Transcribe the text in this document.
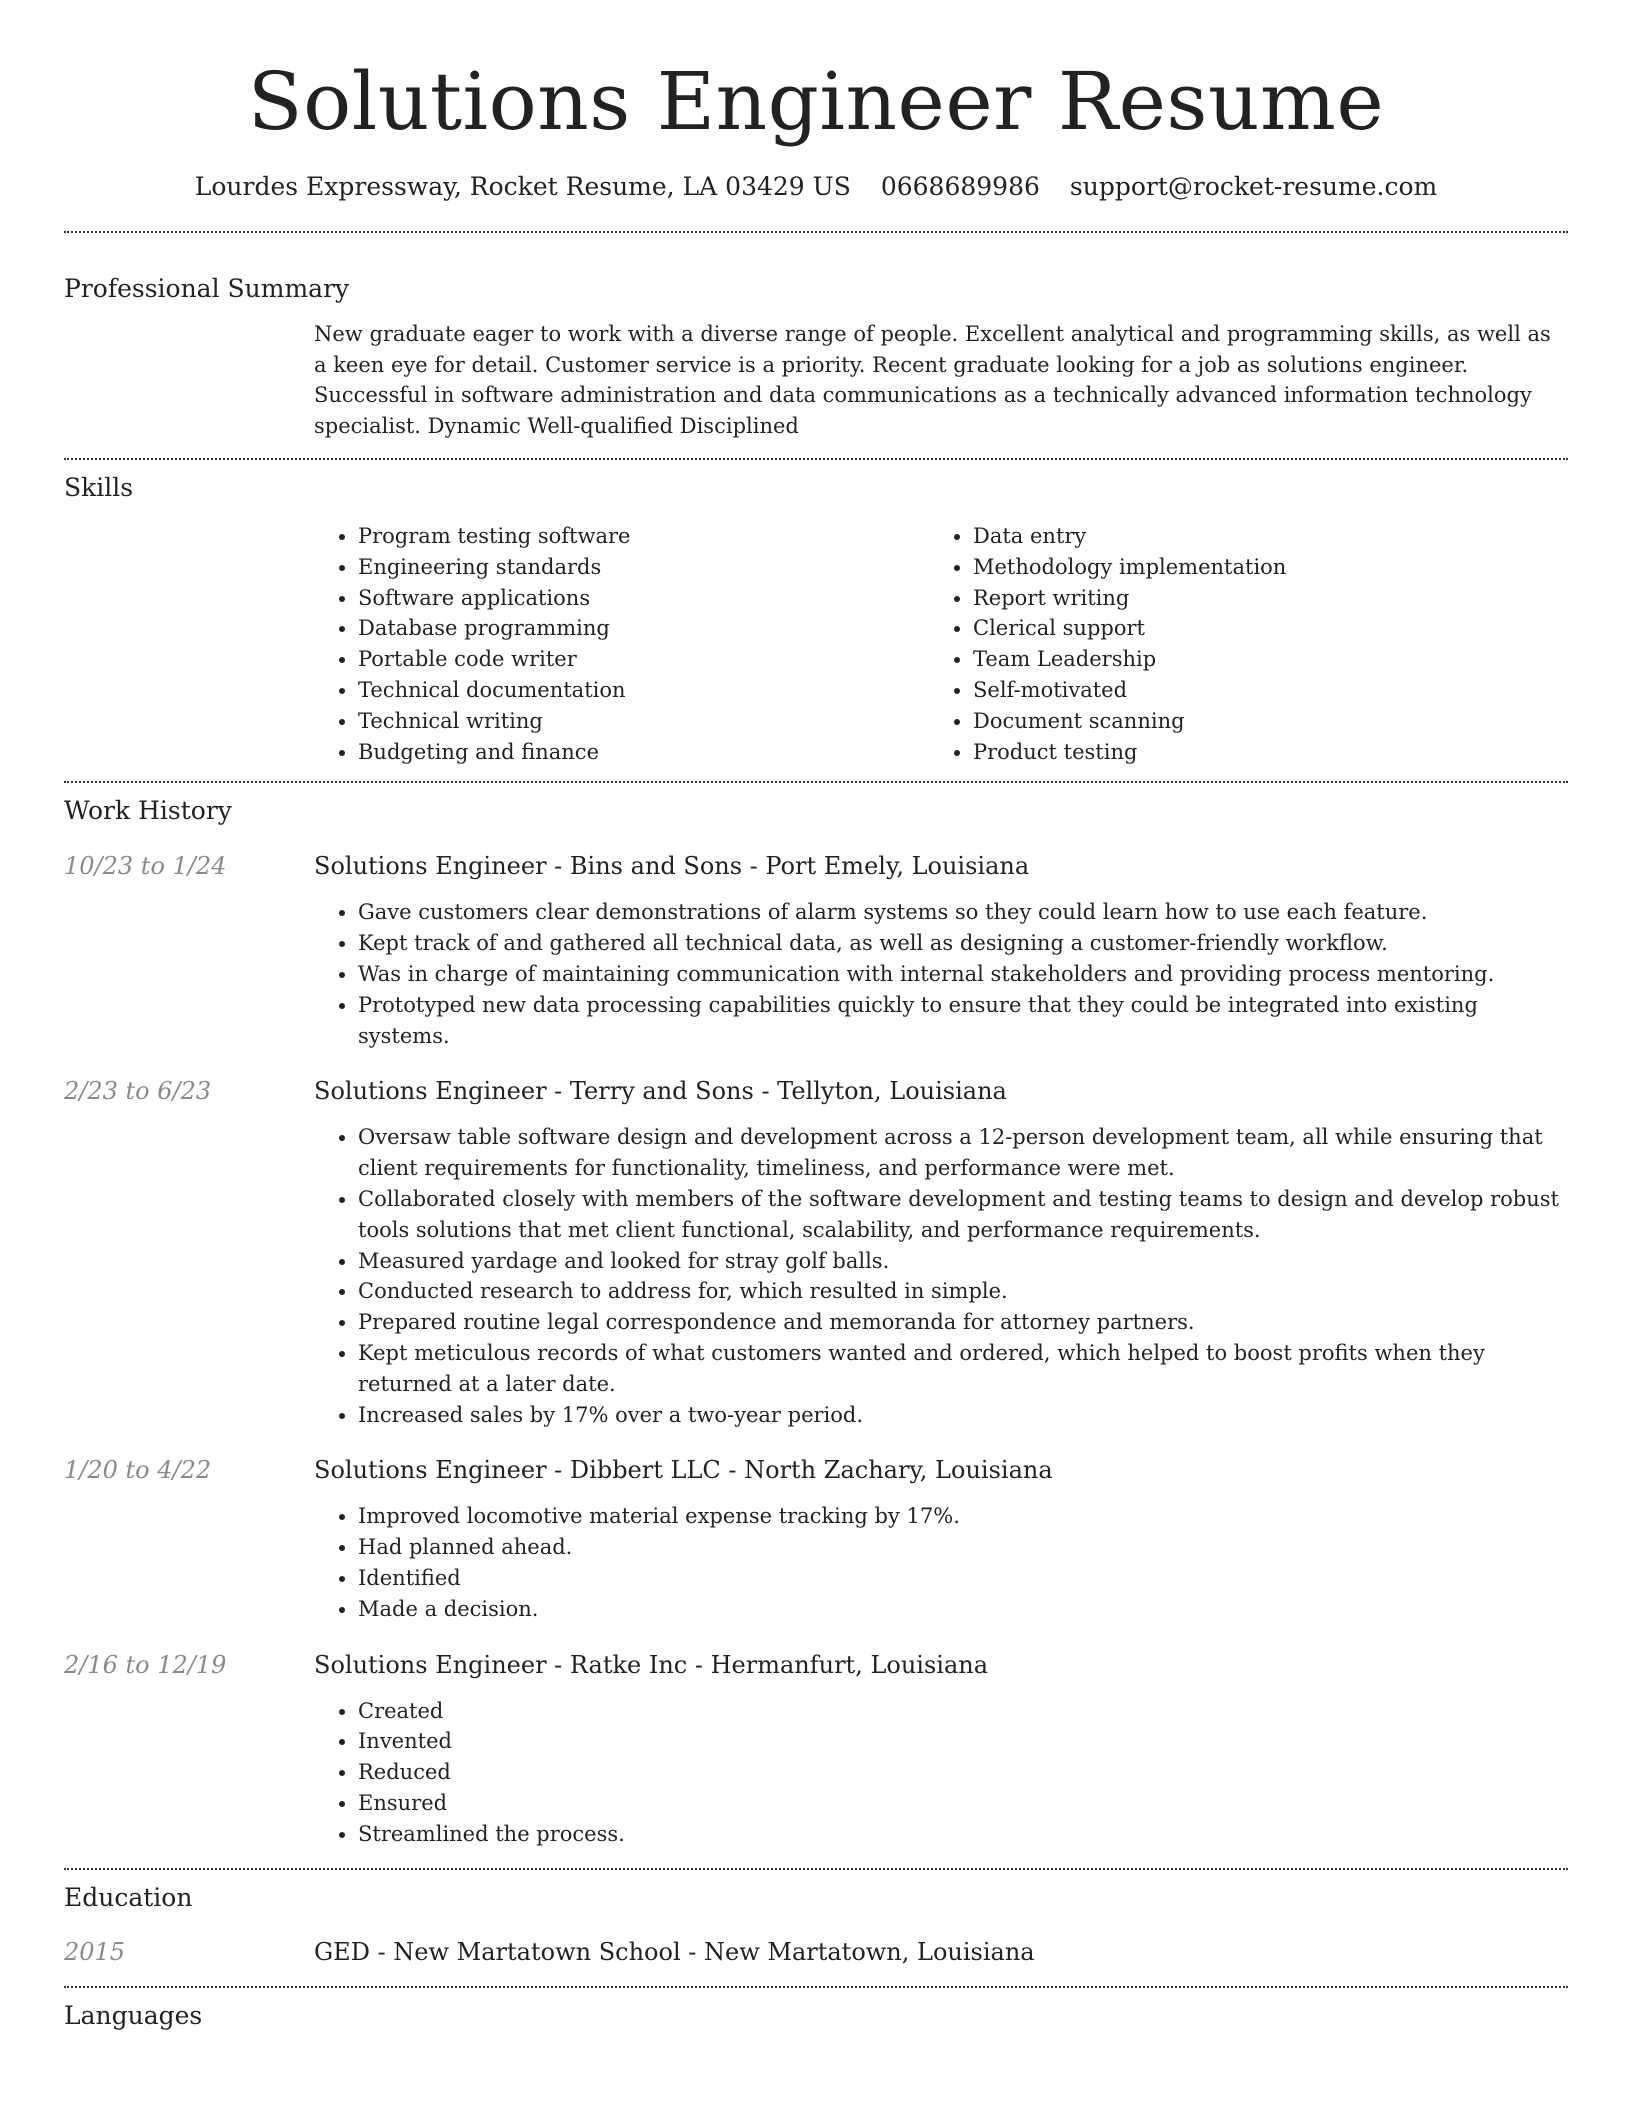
Solutions Engineer Resume
Lourdes Expressway, Rocket Resume, LA 03429 US 0668689986 support@rocket-resume.com
Professional Summary
New graduate eager to work with a diverse range of people. Excellent analytical and programming skills, as well as a keen eye for detail. Customer service is a priority. Recent graduate looking for a job as solutions engineer. Successful in software administration and data communications as a technically advanced information technology specialist. Dynamic Well-qualified Disciplined
Skills
• Program testing software
• Engineering standards
• Software applications
• Database programming
• Portable code writer
• Technical documentation
• Technical writing
• Budgeting and finance
• Data entry
• Methodology implementation
• Report writing
• Clerical support
• Team Leadership
• Self-motivated
• Document scanning
• Product testing
Work History
10/23 to 1/24	Solutions Engineer - Bins and Sons - Port Emely, Louisiana
• Gave customers clear demonstrations of alarm systems so they could learn how to use each feature.
• Kept track of and gathered all technical data, as well as designing a customer-friendly workflow.
• Was in charge of maintaining communication with internal stakeholders and providing process mentoring.
• Prototyped new data processing capabilities quickly to ensure that they could be integrated into existing systems.
2/23 to 6/23	Solutions Engineer - Terry and Sons - Tellyton, Louisiana
• Oversaw table software design and development across a 12-person development team, all while ensuring that client requirements for functionality, timeliness, and performance were met.
• Collaborated closely with members of the software development and testing teams to design and develop robust tools solutions that met client functional, scalability, and performance requirements.
• Measured yardage and looked for stray golf balls.
• Conducted research to address for, which resulted in simple.
• Prepared routine legal correspondence and memoranda for attorney partners.
• Kept meticulous records of what customers wanted and ordered, which helped to boost profits when they returned at a later date.
• Increased sales by 17% over a two-year period.
1/20 to 4/22	Solutions Engineer - Dibbert LLC - North Zachary, Louisiana
• Improved locomotive material expense tracking by 17%.
• Had planned ahead.
• Identified
• Made a decision.
2/16 to 12/19	Solutions Engineer - Ratke Inc - Hermanfurt, Louisiana
• Created
• Invented
• Reduced
• Ensured
• Streamlined the process.
Education
2015	GED - New Martatown School - New Martatown, Louisiana
Languages
